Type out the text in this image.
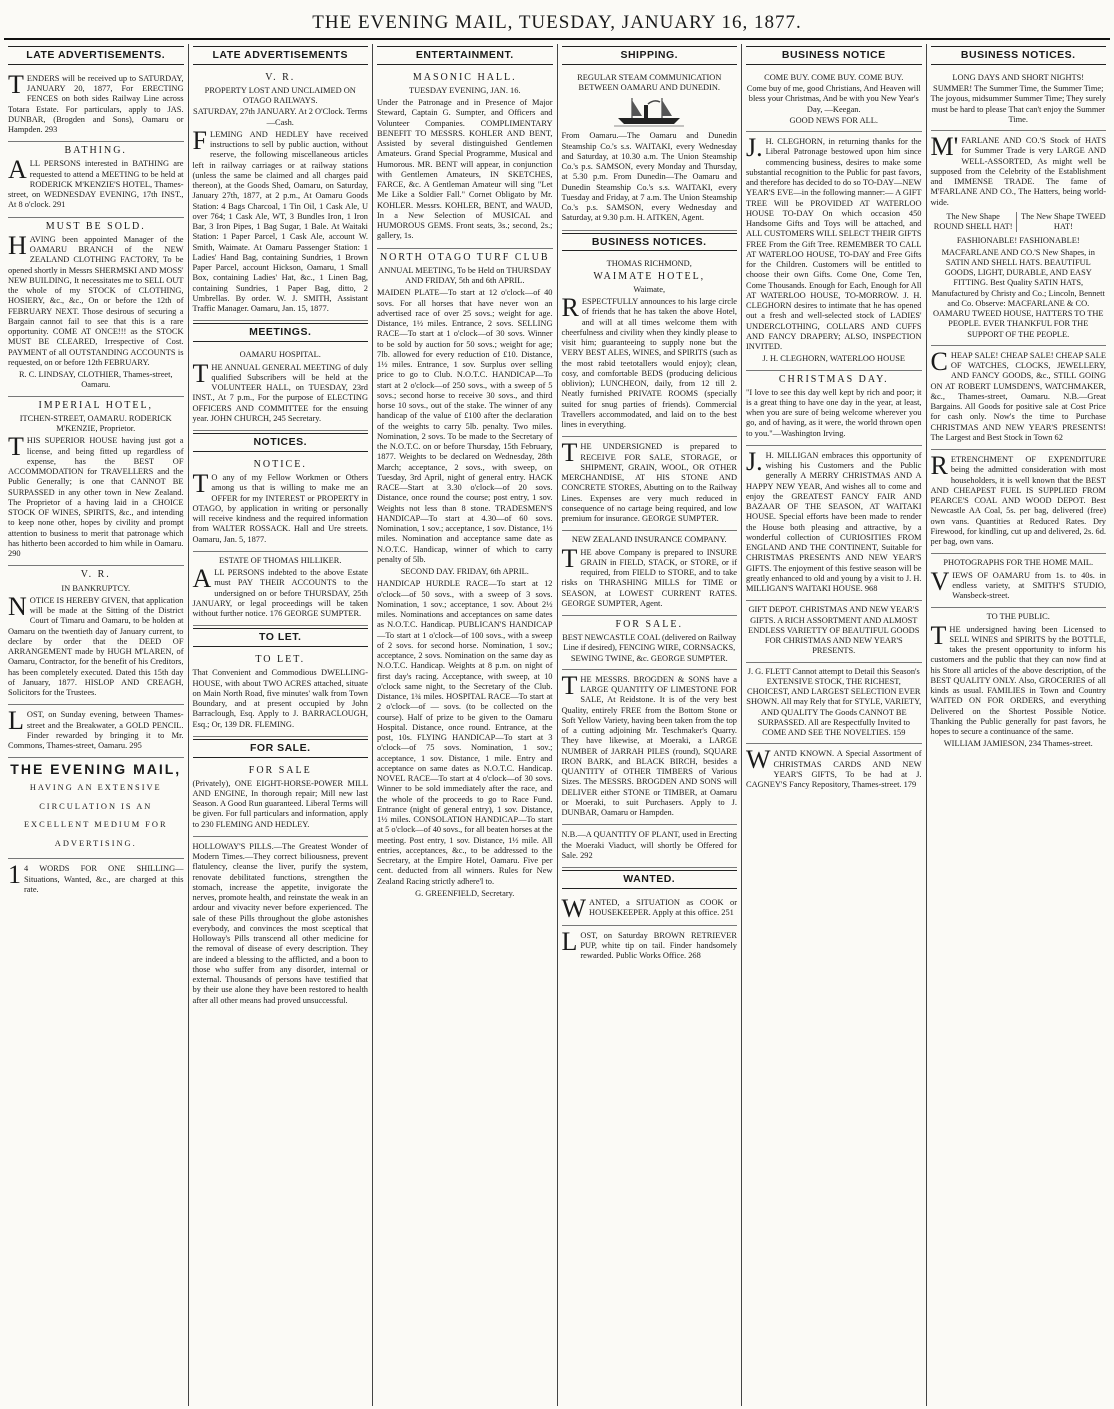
THE EVENING MAIL, TUESDAY, JANUARY 16, 1877.
LATE ADVERTISEMENTS.
TENDERS will be received up to SATURDAY, JANUARY 20, 1877, For ERECTING FENCES on both sides Railway Line across Totara Estate. For particulars, apply to JAS. DUNBAR, (Brogden and Sons), Oamaru or Hampden. 293
BATHING.
ALL PERSONS interested in BATHING are requested to attend a MEETING to be held at RODERICK M'KENZIE'S HOTEL, Thames-street, on WEDNESDAY EVENING, 17th INST., At 8 o'clock. 291
MUST BE SOLD.
HAVING been appointed Manager of the OAMARU BRANCH of the NEW ZEALAND CLOTHING FACTORY, To be opened shortly in Messrs SHERMSKI AND MOSS' NEW BUILDING, It necessitates me to SELL OUT the whole of my STOCK of CLOTHING, HOSIERY, &c., &c., On or before the 12th of FEBRUARY NEXT. Those desirous of securing a Bargain cannot fail to see that this is a rare opportunity. COME AT ONCE!!! as the STOCK MUST BE CLEARED, Irrespective of Cost. PAYMENT of all OUTSTANDING ACCOUNTS is requested, on or before 12th FEBRUARY.
R. C. LINDSAY, CLOTHIER, Thames-street, Oamaru.
IMPERIAL HOTEL,
ITCHEN-STREET, OAMARU. RODERICK M'KENZIE, Proprietor.
THIS SUPERIOR HOUSE having just got a license, and being fitted up regardless of expense, has the BEST OF ACCOMMODATION for TRAVELLERS and the Public Generally; is one that CANNOT BE SURPASSED in any other town in New Zealand. The Proprietor of a having laid in a CHOICE STOCK OF WINES, SPIRITS, &c., and intending to keep none other, hopes by civility and prompt attention to business to merit that patronage which has hitherto been accorded to him while in Oamaru. 290
V. R.
IN BANKRUPTCY.
NOTICE IS HEREBY GIVEN, that application will be made at the Sitting of the District Court of Timaru and Oamaru, to be holden at Oamaru on the twentieth day of January current, to declare by order that the DEED OF ARRANGEMENT made by HUGH M'LAREN, of Oamaru, Contractor, for the benefit of his Creditors, has been completely executed. Dated this 15th day of January, 1877. HISLOP AND CREAGH, Solicitors for the Trustees.
LOST, on Sunday evening, between Thames-street and the Breakwater, a GOLD PENCIL. Finder rewarded by bringing it to Mr. Commons, Thames-street, Oamaru. 295
THE EVENING MAIL,
HAVING AN EXTENSIVE CIRCULATION IS AN EXCELLENT MEDIUM FOR ADVERTISING.
14 WORDS FOR ONE SHILLING— Situations, Wanted, &c., are charged at this rate.
LATE ADVERTISEMENTS
V. R.
PROPERTY LOST AND UNCLAIMED ON OTAGO RAILWAYS.
SATURDAY, 27th JANUARY. At 2 O'Clock. Terms—Cash.
FLEMING AND HEDLEY have received instructions to sell by public auction, without reserve, the following miscellaneous articles left in railway carriages or at railway stations (unless the same be claimed and all charges paid thereon), at the Goods Shed, Oamaru, on Saturday, January 27th, 1877, at 2 p.m., At Oamaru Goods Station: 4 Bags Charcoal, 1 Tin Oil, 1 Cask Ale, U over 764; 1 Cask Ale, WT, 3 Bundles Iron, 1 Iron Bar, 3 Iron Pipes, 1 Bag Sugar, 1 Bale. At Waitaki Station: 1 Paper Parcel, 1 Cask Ale, account W. Smith, Waimate. At Oamaru Passenger Station: 1 Ladies' Hand Bag, containing Sundries, 1 Brown Paper Parcel, account Hickson, Oamaru, 1 Small Box, containing Ladies' Hat, &c., 1 Linen Bag, containing Sundries, 1 Paper Bag, ditto, 2 Umbrellas. By order. W. J. SMITH, Assistant Traffic Manager. Oamaru, Jan. 15, 1877.
MEETINGS.
OAMARU HOSPITAL.
THE ANNUAL GENERAL MEETING of duly qualified Subscribers will be held at the VOLUNTEER HALL, on TUESDAY, 23rd INST., At 7 p.m., For the purpose of ELECTING OFFICERS AND COMMITTEE for the ensuing year. JOHN CHURCH, 245 Secretary.
NOTICES.
NOTICE.
TO any of my Fellow Workmen or Others among us that is willing to make me an OFFER for my INTEREST or PROPERTY in OTAGO, by application in writing or personally will receive kindness and the required information from WALTER ROSSACK. Hall and Ure streets. Oamaru, Jan. 5, 1877.
ESTATE OF THOMAS HILLIKER.
ALL PERSONS indebted to the above Estate must PAY THEIR ACCOUNTS to the undersigned on or before THURSDAY, 25th JANUARY, or legal proceedings will be taken without further notice. 176 GEORGE SUMPTER.
TO LET.
TO LET.
That Convenient and Commodious DWELLING-HOUSE, with about TWO ACRES attached, situate on Main North Road, five minutes' walk from Town Boundary, and at present occupied by John Barraclough, Esq. Apply to J. BARRACLOUGH, Esq.; Or, 139 DR. FLEMING.
FOR SALE.
FOR SALE
(Privately), ONE EIGHT-HORSE-POWER MILL AND ENGINE, In thorough repair; Mill new last Season. A Good Run guaranteed. Liberal Terms will be given. For full particulars and information, apply to 230 FLEMING AND HEDLEY.
HOLLOWAY'S PILLS.—The Greatest Wonder of Modern Times.—They correct biliousness, prevent flatulency, cleanse the liver, purify the system, renovate debilitated functions, strengthen the stomach, increase the appetite, invigorate the nerves, promote health, and reinstate the weak in an ardour and vivacity never before experienced. The sale of these Pills throughout the globe astonishes everybody, and convinces the most sceptical that Holloway's Pills transcend all other medicine for the removal of disease of every description. They are indeed a blessing to the afflicted, and a boon to those who suffer from any disorder, internal or external. Thousands of persons have testified that by their use alone they have been restored to health after all other means had proved unsuccessful.
ENTERTAINMENT.
MASONIC HALL.
TUESDAY EVENING, JAN. 16.
Under the Patronage and in Presence of Major Steward, Captain G. Sumpter, and Officers and Volunteer Companies. COMPLIMENTARY BENEFIT TO MESSRS. KOHLER AND BENT, Assisted by several distinguished Gentlemen Amateurs. Grand Special Programme, Musical and Humorous. MR. BENT will appear, in conjunction with Gentlemen Amateurs, IN SKETCHES, FARCE, &c. A Gentleman Amateur will sing "Let Me Like a Soldier Fall." Cornet Obligato by Mr. KOHLER. Messrs. KOHLER, BENT, and WAUD, In a New Selection of MUSICAL and HUMOROUS GEMS. Front seats, 3s.; second, 2s.; gallery, 1s.
NORTH OTAGO TURF CLUB
ANNUAL MEETING, To be Held on THURSDAY AND FRIDAY, 5th and 6th APRIL.
MAIDEN PLATE—To start at 12 o'clock—of 40 sovs. For all horses that have never won an advertised race of over 25 sovs.; weight for age. Distance, 1½ miles. Entrance, 2 sovs. SELLING RACE—To start at 1 o'clock—of 30 sovs. Winner to be sold by auction for 50 sovs.; weight for age; 7lb. allowed for every reduction of £10. Distance, 1½ miles. Entrance, 1 sov. Surplus over selling price to go to Club. N.O.T.C. HANDICAP—To start at 2 o'clock—of 250 sovs., with a sweep of 5 sovs.; second horse to receive 30 sovs., and third horse 10 sovs., out of the stake. The winner of any handicap of the value of £100 after the declaration of the weights to carry 5lb. penalty. Two miles. Nomination, 2 sovs. To be made to the Secretary of the N.O.T.C. on or before Thursday, 15th February, 1877. Weights to be declared on Wednesday, 28th March; acceptance, 2 sovs., with sweep, on Tuesday, 3rd April, night of general entry. HACK RACE—Start at 3.30 o'clock—of 20 sovs. Distance, once round the course; post entry, 1 sov. Weights not less than 8 stone. TRADESMEN'S HANDICAP—To start at 4.30—of 60 sovs. Nomination, 1 sov.; acceptance, 1 sov. Distance, 1½ miles. Nomination and acceptance same date as N.O.T.C. Handicap, winner of which to carry penalty of 5lb.
SECOND DAY. FRIDAY, 6th APRIL.
HANDICAP HURDLE RACE—To start at 12 o'clock—of 50 sovs., with a sweep of 3 sovs. Nomination, 1 sov.; acceptance, 1 sov. About 2½ miles. Nominations and acceptances on same dates as N.O.T.C. Handicap. PUBLICAN'S HANDICAP—To start at 1 o'clock—of 100 sovs., with a sweep of 2 sovs. for second horse. Nomination, 1 sov.; acceptance, 2 sovs. Nomination on the same day as N.O.T.C. Handicap. Weights at 8 p.m. on night of first day's racing. Acceptance, with sweep, at 10 o'clock same night, to the Secretary of the Club. Distance, 1¾ miles. HOSPITAL RACE—To start at 2 o'clock—of — sovs. (to be collected on the course). Half of prize to be given to the Oamaru Hospital. Distance, once round. Entrance, at the post, 10s. FLYING HANDICAP—To start at 3 o'clock—of 75 sovs. Nomination, 1 sov.; acceptance, 1 sov. Distance, 1 mile. Entry and acceptance on same dates as N.O.T.C. Handicap. NOVEL RACE—To start at 4 o'clock—of 30 sovs. Winner to be sold immediately after the race, and the whole of the proceeds to go to Race Fund. Entrance (night of general entry), 1 sov. Distance, 1½ miles. CONSOLATION HANDICAP—To start at 5 o'clock—of 40 sovs., for all beaten horses at the meeting. Post entry, 1 sov. Distance, 1½ mile. All entries, acceptances, &c., to be addressed to the Secretary, at the Empire Hotel, Oamaru. Five per cent. deducted from all winners. Rules for New Zealand Racing strictly adhere'l to.
G. GREENFIELD, Secretary.
SHIPPING.
REGULAR STEAM COMMUNICATION BETWEEN OAMARU AND DUNEDIN.
From Oamaru.—The Oamaru and Dunedin Steamship Co.'s s.s. WAITAKI, every Wednesday and Saturday, at 10.30 a.m. The Union Steamship Co.'s p.s. SAMSON, every Monday and Thursday, at 5.30 p.m. From Dunedin—The Oamaru and Dunedin Steamship Co.'s s.s. WAITAKI, every Tuesday and Friday, at 7 a.m. The Union Steamship Co.'s p.s. SAMSON, every Wednesday and Saturday, at 9.30 p.m. H. AITKEN, Agent.
BUSINESS NOTICES.
THOMAS RICHMOND,
WAIMATE HOTEL,
Waimate,
RESPECTFULLY announces to his large circle of friends that he has taken the above Hotel, and will at all times welcome them with cheerfulness and civility when they kindly please to visit him; guaranteeing to supply none but the VERY BEST ALES, WINES, and SPIRITS (such as the most rabid teetotallers would enjoy); clean, cosy, and comfortable BEDS (producing delicious oblivion); LUNCHEON, daily, from 12 till 2. Neatly furnished PRIVATE ROOMS (specially suited for snug parties of friends). Commercial Travellers accommodated, and laid on to the best lines in everything.
THE UNDERSIGNED is prepared to RECEIVE FOR SALE, STORAGE, or SHIPMENT, GRAIN, WOOL, OR OTHER MERCHANDISE, AT HIS STONE AND CONCRETE STORES, Abutting on to the Railway Lines. Expenses are very much reduced in consequence of no cartage being required, and low premium for insurance. GEORGE SUMPTER.
NEW ZEALAND INSURANCE COMPANY.
THE above Company is prepared to INSURE GRAIN in FIELD, STACK, or STORE, or if required, from FIELD to STORE, and to take risks on THRASHING MILLS for TIME or SEASON, at LOWEST CURRENT RATES. GEORGE SUMPTER, Agent.
FOR SALE.
BEST NEWCASTLE COAL (delivered on Railway Line if desired), FENCING WIRE, CORNSACKS, SEWING TWINE, &c. GEORGE SUMPTER.
THE MESSRS. BROGDEN & SONS have a LARGE QUANTITY OF LIMESTONE FOR SALE, At Reidstone. It is of the very best Quality, entirely FREE from the Bottom Stone or Soft Yellow Variety, having been taken from the top of a cutting adjoining Mr. Teschmaker's Quarry. They have likewise, at Moeraki, a LARGE NUMBER of JARRAH PILES (round), SQUARE IRON BARK, and BLACK BIRCH, besides a QUANTITY of OTHER TIMBERS of Various Sizes. The MESSRS. BROGDEN AND SONS will DELIVER either STONE or TIMBER, at Oamaru or Moeraki, to suit Purchasers. Apply to J. DUNBAR, Oamaru or Hampden.
N.B.—A QUANTITY OF PLANT, used in Erecting the Moeraki Viaduct, will shortly be Offered for Sale. 292
WANTED.
WANTED, a SITUATION as COOK or HOUSEKEEPER. Apply at this office. 251
LOST, on Saturday BROWN RETRIEVER PUP, white tip on tail. Finder handsomely rewarded. Public Works Office. 268
BUSINESS NOTICE
COME BUY. COME BUY. COME BUY.
Come buy of me, good Christians, And Heaven will bless your Christmas, And be with you New Year's Day, —Keegan.
GOOD NEWS FOR ALL.
J.H. CLEGHORN, in returning thanks for the Liberal Patronage bestowed upon him since commencing business, desires to make some substantial recognition to the Public for past favors, and therefore has decided to do so TO-DAY—NEW YEAR'S EVE—in the following manner:— A GIFT TREE Will be PROVIDED AT WATERLOO HOUSE TO-DAY On which occasion 450 Handsome Gifts and Toys will be attached, and ALL CUSTOMERS WILL SELECT THEIR GIFTS FREE From the Gift Tree. REMEMBER TO CALL AT WATERLOO HOUSE, TO-DAY and Free Gifts for the Children. Customers will be entitled to choose their own Gifts. Come One, Come Ten, Come Thousands. Enough for Each, Enough for All AT WATERLOO HOUSE, TO-MORROW. J. H. CLEGHORN desires to intimate that he has opened out a fresh and well-selected stock of LADIES' UNDERCLOTHING, COLLARS AND CUFFS AND FANCY DRAPERY; ALSO, INSPECTION INVITED.
J. H. CLEGHORN, WATERLOO HOUSE
CHRISTMAS DAY.
"I love to see this day well kept by rich and poor; it is a great thing to have one day in the year, at least, when you are sure of being welcome wherever you go, and of having, as it were, the world thrown open to you."—Washington Irving.
J.H. MILLIGAN embraces this opportunity of wishing his Customers and the Public generally A MERRY CHRISTMAS AND A HAPPY NEW YEAR, And wishes all to come and enjoy the GREATEST FANCY FAIR AND BAZAAR OF THE SEASON, AT WAITAKI HOUSE. Special efforts have been made to render the House both pleasing and attractive, by a wonderful collection of CURIOSITIES FROM ENGLAND AND THE CONTINENT, Suitable for CHRISTMAS PRESENTS AND NEW YEAR'S GIFTS. The enjoyment of this festive season will be greatly enhanced to old and young by a visit to J. H. MILLIGAN'S WAITAKI HOUSE. 968
GIFT DEPOT. CHRISTMAS AND NEW YEAR'S GIFTS. A RICH ASSORTMENT AND ALMOST ENDLESS VARIETTY OF BEAUTIFUL GOODS FOR CHRISTMAS AND NEW YEAR'S PRESENTS.
J. G. FLETT Cannot attempt to Detail this Season's EXTENSIVE STOCK, THE RICHEST, CHOICEST, AND LARGEST SELECTION EVER SHOWN. All may Rely that for STYLE, VARIETY, AND QUALITY The Goods CANNOT BE SURPASSED. All are Respectfully Invited to COME AND SEE THE NOVELTIES. 159
WANTD KNOWN. A Special Assortment of CHRISTMAS CARDS AND NEW YEAR'S GIFTS, To be had at J. CAGNEY'S Fancy Repository, Thames-street. 179
BUSINESS NOTICES.
LONG DAYS AND SHORT NIGHTS!
SUMMER! The Summer Time, the Summer Time; The joyous, midsummer Summer Time; They surely must be hard to please That can't enjoy the Summer Time.
M'FARLANE AND CO.'S Stock of HATS for Summer Trade is very LARGE AND WELL-ASSORTED, As might well be supposed from the Celebrity of the Establishment and IMMENSE TRADE. The fame of M'FARLANE AND CO., The Hatters, being world-wide.
The New Shape ROUND SHELL HAT!
The New Shape TWEED HAT!
FASHIONABLE! FASHIONABLE!
MACFARLANE AND CO.'S New Shapes, in SATIN AND SHELL HATS. BEAUTIFUL GOODS, LIGHT, DURABLE, AND EASY FITTING. Best Quality SATIN HATS, Manufactured by Christy and Co.; Lincoln, Bennett and Co. Observe: MACFARLANE & CO. OAMARU TWEED HOUSE, HATTERS TO THE PEOPLE. EVER THANKFUL FOR THE SUPPORT OF THE PEOPLE.
CHEAP SALE! CHEAP SALE! CHEAP SALE OF WATCHES, CLOCKS, JEWELLERY, AND FANCY GOODS, &c., STILL GOING ON AT ROBERT LUMSDEN'S, WATCHMAKER, &c., Thames-street, Oamaru. N.B.—Great Bargains. All Goods for positive sale at Cost Price for cash only. Now's the time to Purchase CHRISTMAS AND NEW YEAR'S PRESENTS! The Largest and Best Stock in Town 62
RETRENCHMENT OF EXPENDITURE being the admitted consideration with most householders, it is well known that the BEST AND CHEAPEST FUEL IS SUPPLIED FROM PEARCE'S COAL AND WOOD DEPOT. Best Newcastle AA Coal, 5s. per bag, delivered (free) own vans. Quantities at Reduced Rates. Dry Firewood, for kindling, cut up and delivered, 2s. 6d. per bag, own vans.
PHOTOGRAPHS FOR THE HOME MAIL.
VIEWS OF OAMARU from 1s. to 40s. in endless variety, at SMITH'S STUDIO, Wansbeck-street.
TO THE PUBLIC.
THE undersigned having been Licensed to SELL WINES and SPIRITS by the BOTTLE, takes the present opportunity to inform his customers and the public that they can now find at his Store all articles of the above description, of the BEST QUALITY ONLY. Also, GROCERIES of all kinds as usual. FAMILIES in Town and Country WAITED ON FOR ORDERS, and everything Delivered on the Shortest Possible Notice. Thanking the Public generally for past favors, he hopes to secure a continuance of the same.
WILLIAM JAMIESON, 234 Thames-street.
